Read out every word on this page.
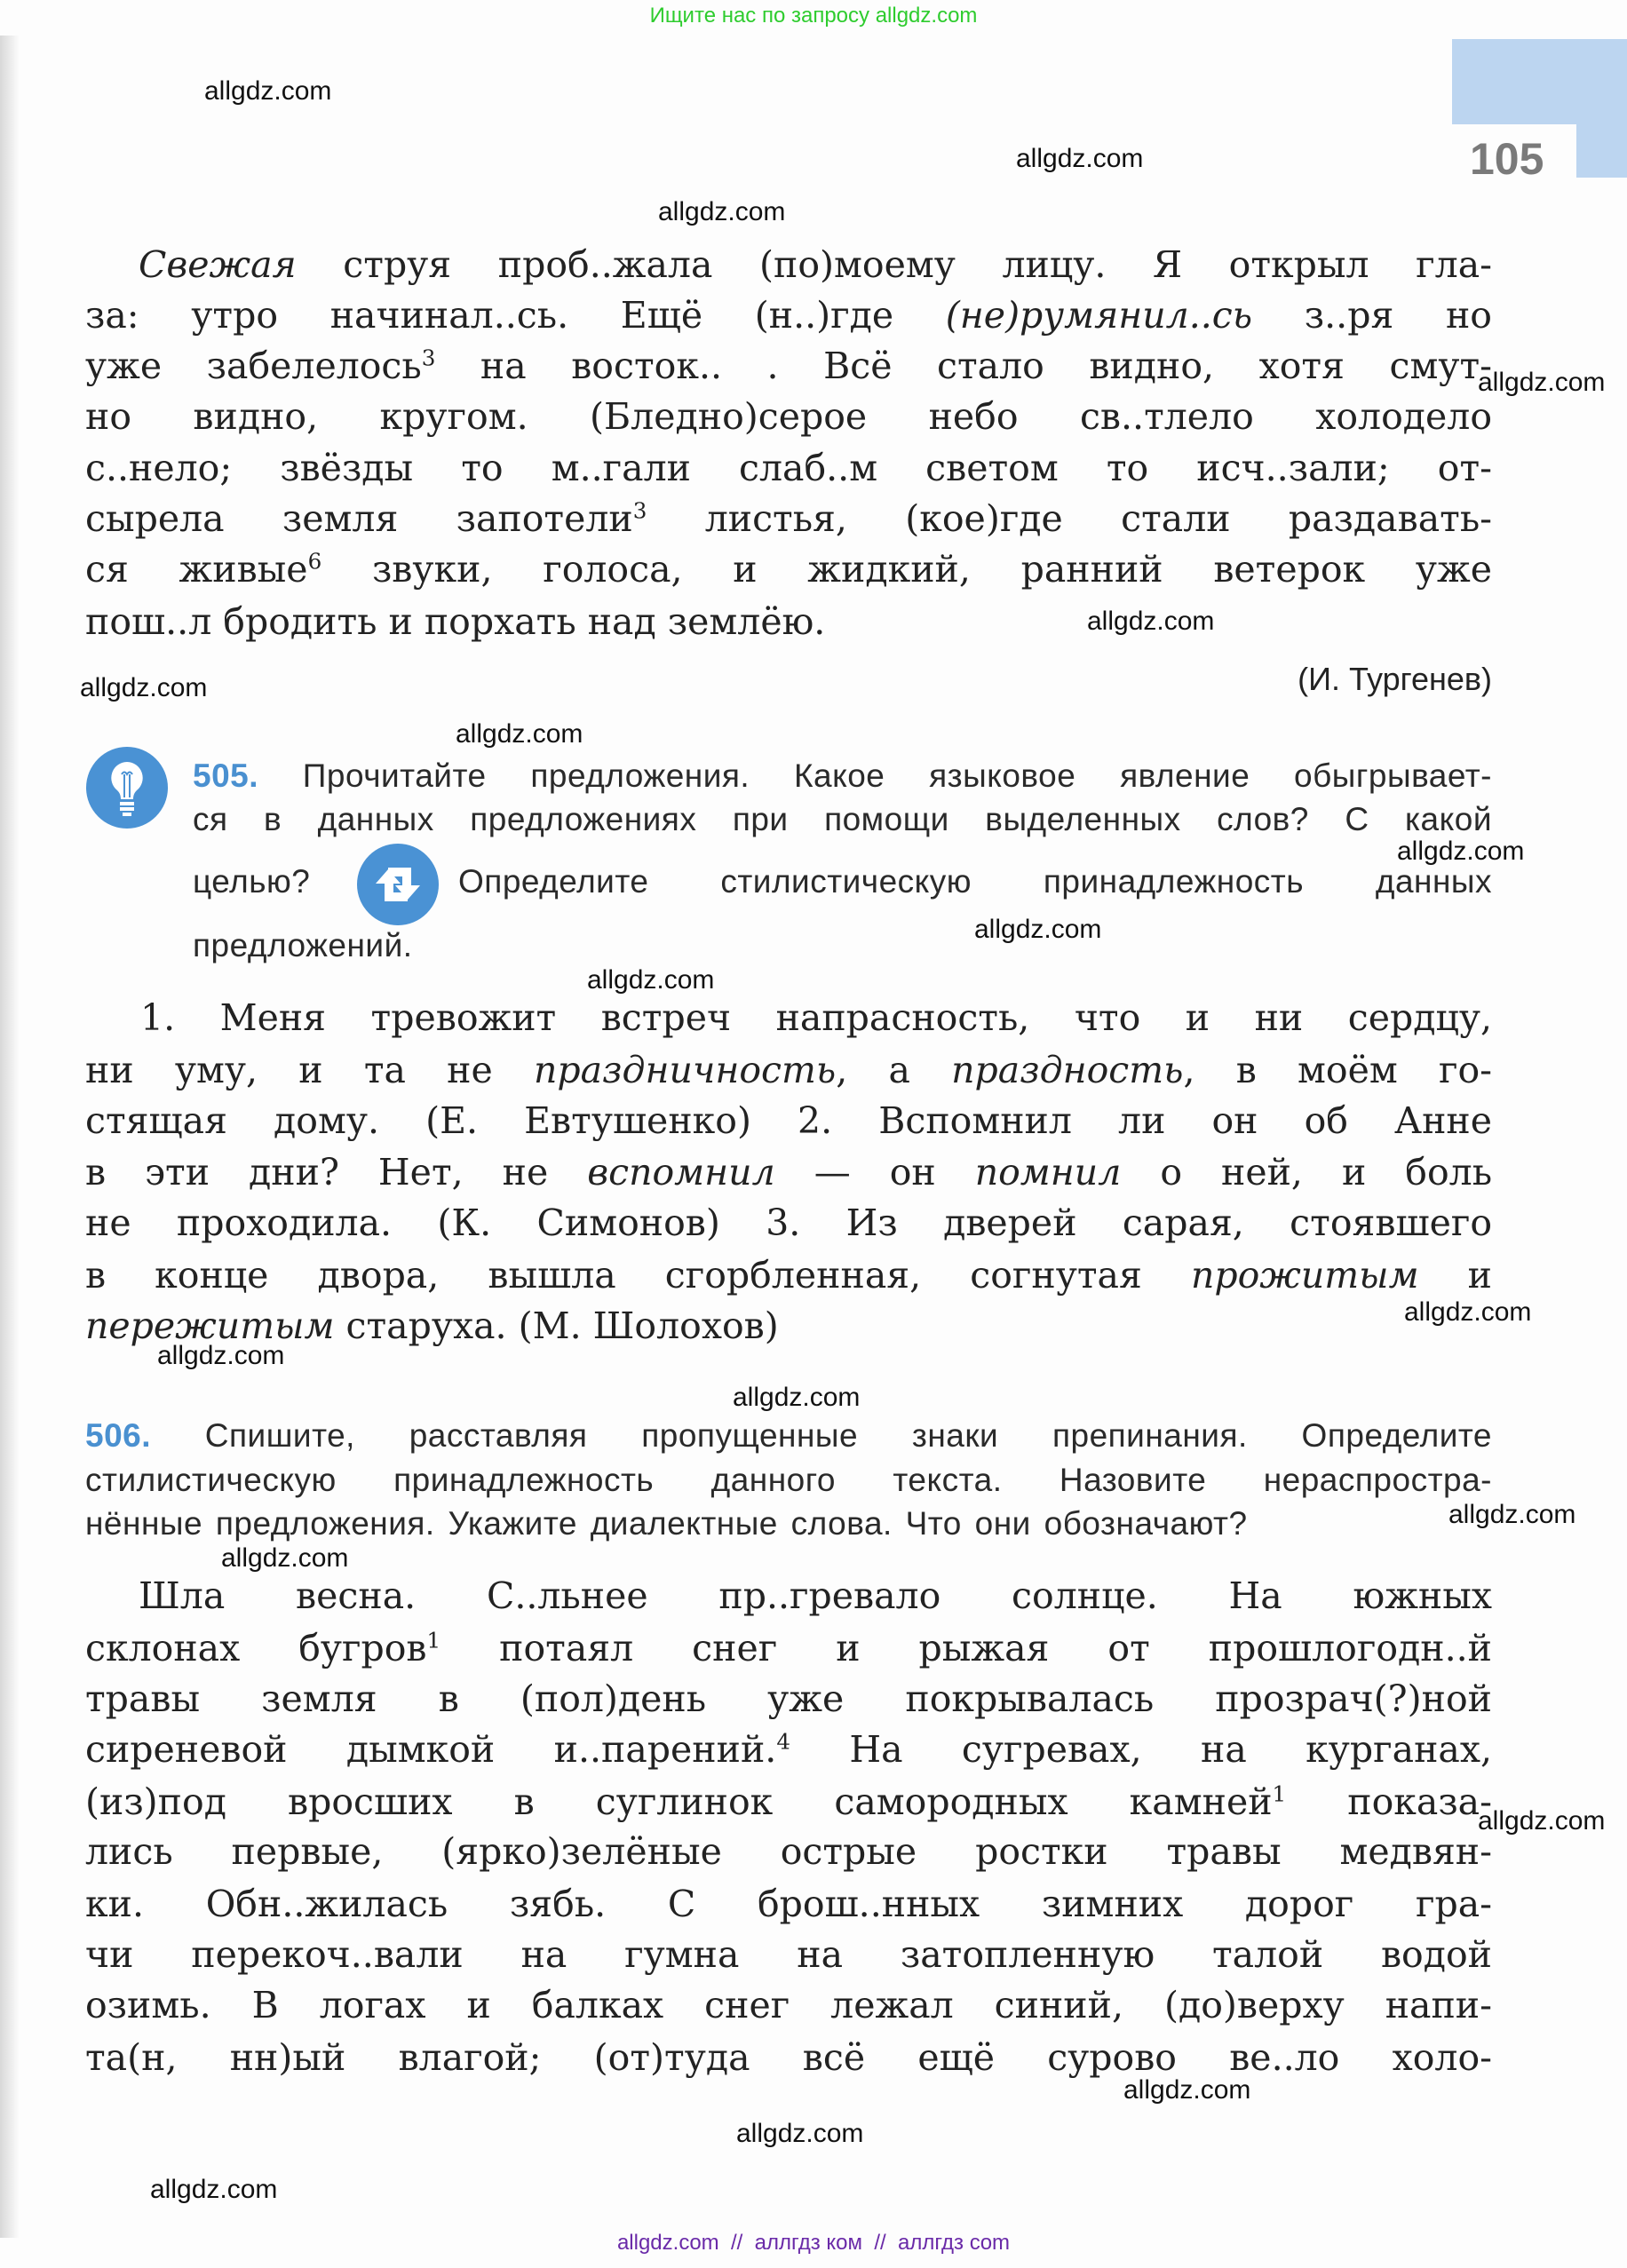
Ищите нас по запросу allgdz.com
105
Свежая струя проб..жала (по)моему лицу. Я открыл гла-
за: утро начинал..сь. Ещё (н..)где (не)румянил..сь з..ря но
уже забелелось$^3$ на восток.. . Всё стало видно, хотя смут-
но видно, кругом. (Бледно)серое небо св..тлело холодело
с..нело; звёзды то м..гали слаб..м светом то исч..зали; от-
сырела земля запотели$^3$ листья, (кое)где стали раздавать-
ся живые$^6$ звуки, голоса, и жидкий, ранний ветерок уже
пош..л бродить и порхать над землёю.
(И. Тургенев)
505. Прочитайте предложения. Какое языковое явление обыгрывает-
ся в данных предложениях при помощи выделенных слов? С какой
целью?	Определите стилистическую принадлежность данных
предложений.
1. Меня тревожит встреч напрасность, что и ни сердцу,
ни уму, и та не праздничность, а праздность, в моём го-
стящая дому. (Е. Евтушенко) 2. Вспомнил ли он об Анне
в эти дни? Нет, не вспомнил — он помнил о ней, и боль
не проходила. (К. Симонов) 3. Из дверей сарая, стоявшего
в конце двора, вышла сгорбленная, согнутая прожитым и
пережитым старуха. (М. Шолохов)
506. Спишите, расставляя пропущенные знаки препинания. Определите
стилистическую принадлежность данного текста. Назовите нераспростра-
нённые предложения. Укажите диалектные слова. Что они обозначают?
Шла весна. С..льнее пр..гревало солнце. На южных
склонах бугров$^1$ потаял снег и рыжая от прошлогодн..й
травы земля в (пол)день уже покрывалась прозрач(?)ной
сиреневой дымкой и..парений.$^4$ На сугревах, на курганах,
(из)под вросших в суглинок самородных камней$^1$ показа-
лись первые, (ярко)зелёные острые ростки травы медвян-
ки. Обн..жилась зябь. С брош..нных зимних дорог гра-
чи перекоч..вали на гумна на затопленную талой водой
озимь. В логах и балках снег лежал синий, (до)верху напи-
та(н, нн)ый влагой; (от)туда всё ещё сурово ве..ло холо-
allgdz.com
allgdz.com
allgdz.com
allgdz.com
allgdz.com
allgdz.com
allgdz.com
allgdz.com
allgdz.com
allgdz.com
allgdz.com
allgdz.com
allgdz.com
allgdz.com
allgdz.com
allgdz.com
allgdz.com
allgdz.com
allgdz.com
allgdz.com  //  аллгдз ком  //  аллгдз com
